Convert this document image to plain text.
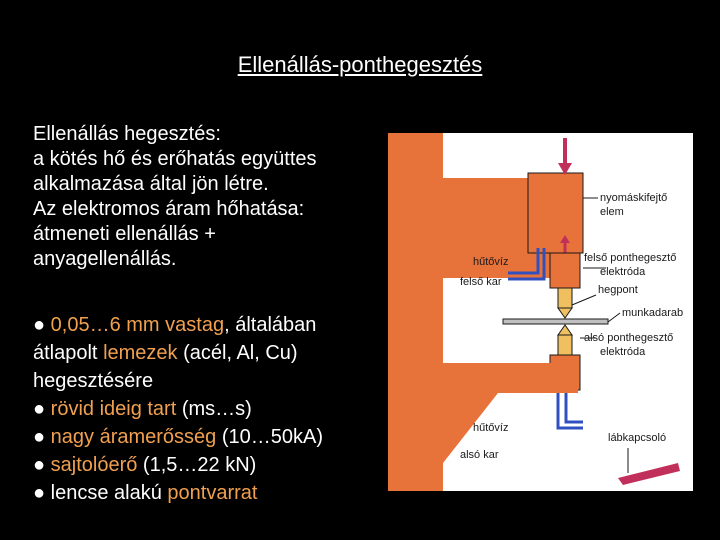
Ellenállás-ponthegesztés
Ellenállás hegesztés:
a kötés hő és erőhatás együttes
alkalmazása által jön létre.
Az elektromos áram hőhatása:
átmeneti ellenállás +
anyagellenállás.
● 0,05…6 mm vastag, általában
átlapolt lemezek (acél, Al, Cu)
hegesztésére
● rövid ideig tart (ms…s)
● nagy áramerősség (10…50kA)
● sajtolóerő (1,5…22 kN)
● lencse alakú pontvarrat
nyomáskifejtő
elem
hűtővíz
felső kar
felső ponthegesztő
elektróda
hegpont
munkadarab
alsó ponthegesztő
elektróda
hűtővíz
lábkapcsoló
alsó kar
